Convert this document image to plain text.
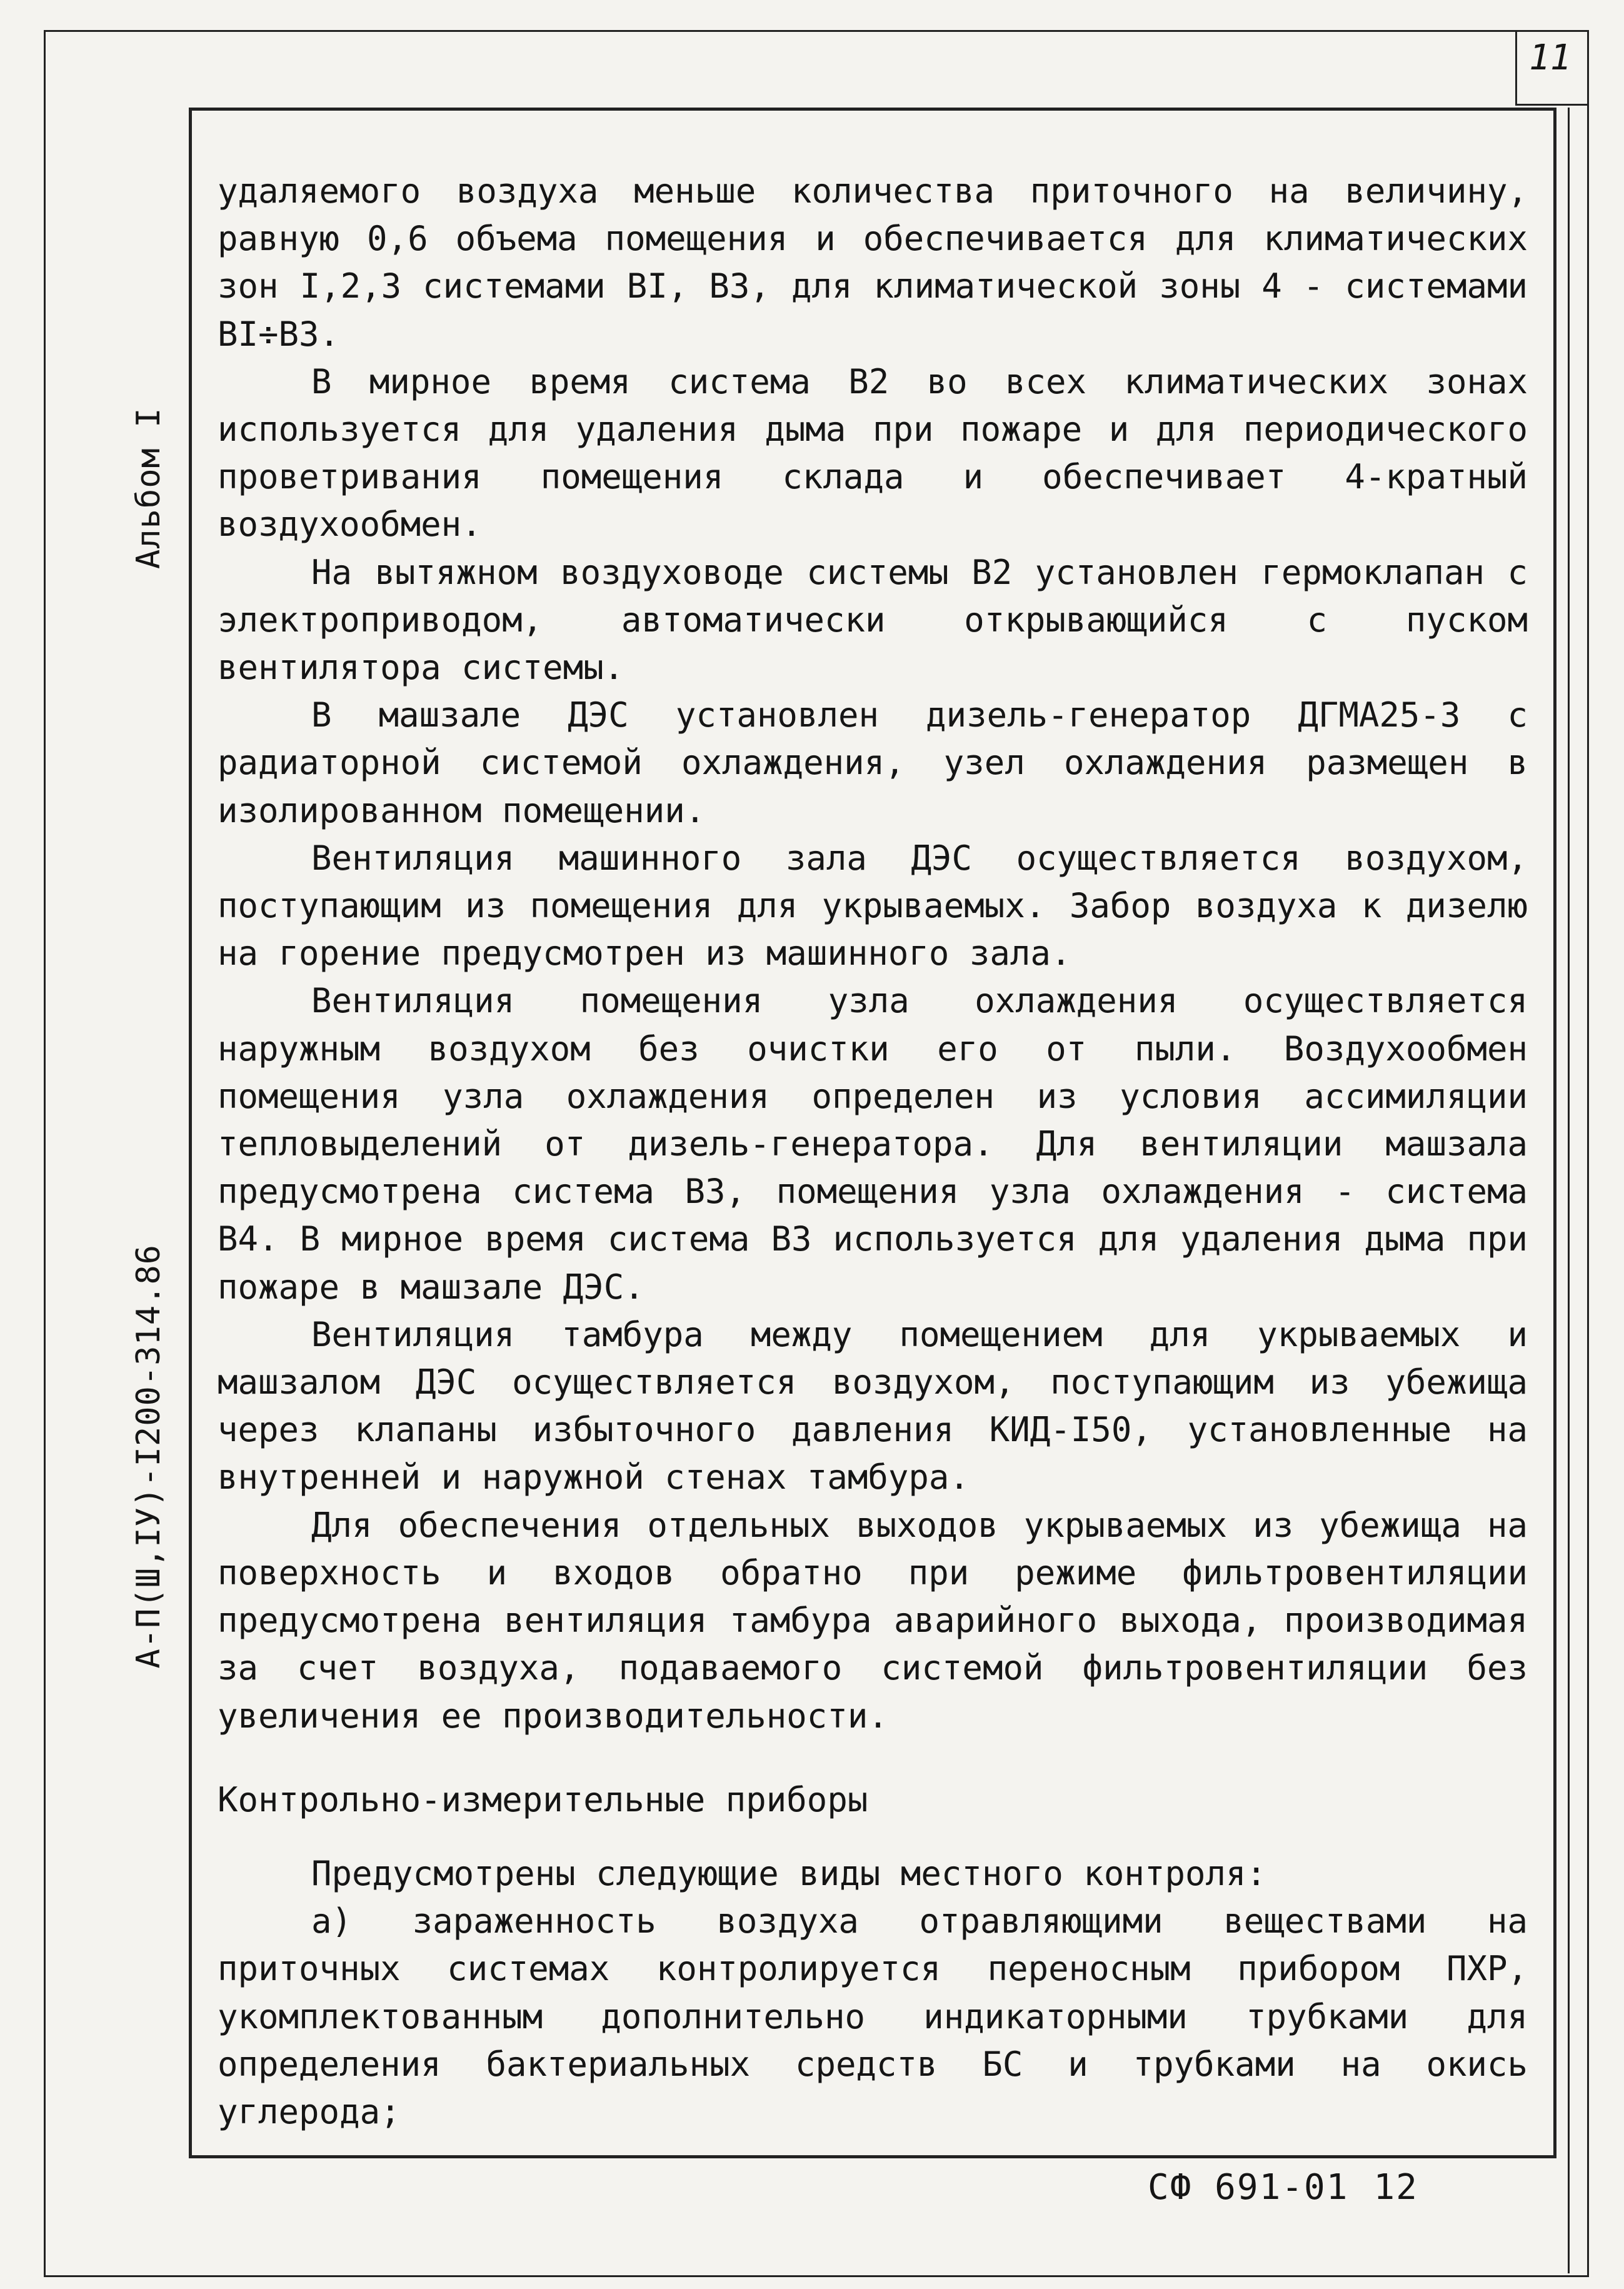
11
А-П(Ш,IУ)-I200-314.86Альбом I

удаляемого воздуха меньше количества приточного на величину, равную 0,6 объема помещения и обеспечивается для климатических зон I,2,3 системами BI, B3, для климатической зоны 4 - системами BI÷B3.

В мирное время система B2 во всех климатических зонах используется для удаления дыма при пожаре и для периодического проветривания помещения склада и обеспечивает 4-кратный воздухообмен.

На вытяжном воздуховоде системы B2 установлен гермоклапан с электроприводом, автоматически открывающийся с пуском вентилятора системы.

В машзале ДЭС установлен дизель-генератор ДГМА25-3 с радиаторной системой охлаждения, узел охлаждения размещен в изолированном помещении.

Вентиляция машинного зала ДЭС осуществляется воздухом, поступающим из помещения для укрываемых. Забор воздуха к дизелю на горение предусмотрен из машинного зала.

Вентиляция помещения узла охлаждения осуществляется наружным воздухом без очистки его от пыли. Воздухообмен помещения узла охлаждения определен из условия ассимиляции тепловыделений от дизель-генератора. Для вентиляции машзала предусмотрена система B3, помещения узла охлаждения - система B4. В мирное время система B3 используется для удаления дыма при пожаре в машзале ДЭС.

Вентиляция тамбура между помещением для укрываемых и машзалом ДЭС осуществляется воздухом, поступающим из убежища через клапаны избыточного давления КИД-I50, установленные на внутренней и наружной стенах тамбура.

Для обеспечения отдельных выходов укрываемых из убежища на поверхность и входов обратно при режиме фильтровентиляции предусмотрена вентиляция тамбура аварийного выхода, производимая за счет воздуха, подаваемого системой фильтровентиляции без увеличения ее производительности.

Контрольно-измерительные приборы

Предусмотрены следующие виды местного контроля:

а) зараженность воздуха отравляющими веществами на приточных системах контролируется переносным прибором ПХР, укомплектованным дополнительно индикаторными трубками для определения бактериальных средств БС и трубками на окись углерода;

СФ 691-01 12
